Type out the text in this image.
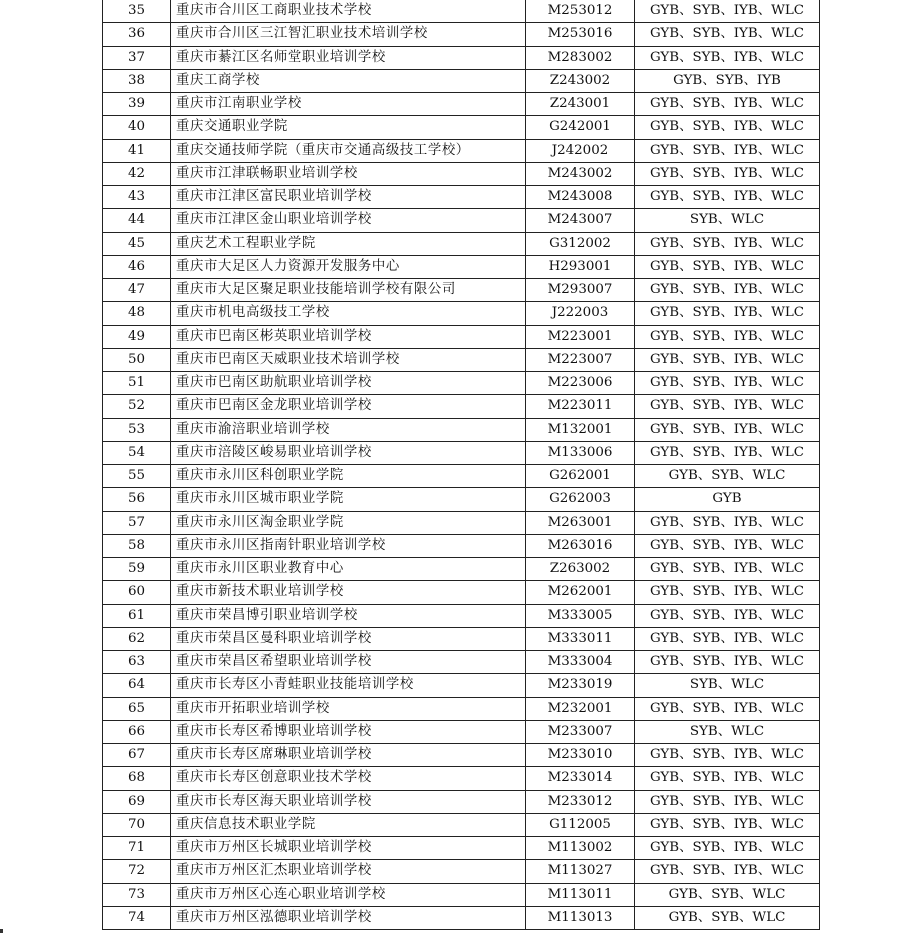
35	重庆市合川区工商职业技术学校	M253012	GYB、SYB、IYB、WLC
36	重庆市合川区三江智汇职业技术培训学校	M253016	GYB、SYB、IYB、WLC
37	重庆市綦江区名师堂职业培训学校	M283002	GYB、SYB、IYB、WLC
38	重庆工商学校	Z243002	GYB、SYB、IYB
39	重庆市江南职业学校	Z243001	GYB、SYB、IYB、WLC
40	重庆交通职业学院	G242001	GYB、SYB、IYB、WLC
41	重庆交通技师学院（重庆市交通高级技工学校）	J242002	GYB、SYB、IYB、WLC
42	重庆市江津联畅职业培训学校	M243002	GYB、SYB、IYB、WLC
43	重庆市江津区富民职业培训学校	M243008	GYB、SYB、IYB、WLC
44	重庆市江津区金山职业培训学校	M243007	SYB、WLC
45	重庆艺术工程职业学院	G312002	GYB、SYB、IYB、WLC
46	重庆市大足区人力资源开发服务中心	H293001	GYB、SYB、IYB、WLC
47	重庆市大足区聚足职业技能培训学校有限公司	M293007	GYB、SYB、IYB、WLC
48	重庆市机电高级技工学校	J222003	GYB、SYB、IYB、WLC
49	重庆市巴南区彬英职业培训学校	M223001	GYB、SYB、IYB、WLC
50	重庆市巴南区天威职业技术培训学校	M223007	GYB、SYB、IYB、WLC
51	重庆市巴南区助航职业培训学校	M223006	GYB、SYB、IYB、WLC
52	重庆市巴南区金龙职业培训学校	M223011	GYB、SYB、IYB、WLC
53	重庆市渝涪职业培训学校	M132001	GYB、SYB、IYB、WLC
54	重庆市涪陵区峻易职业培训学校	M133006	GYB、SYB、IYB、WLC
55	重庆市永川区科创职业学院	G262001	GYB、SYB、WLC
56	重庆市永川区城市职业学院	G262003	GYB
57	重庆市永川区淘金职业学院	M263001	GYB、SYB、IYB、WLC
58	重庆市永川区指南针职业培训学校	M263016	GYB、SYB、IYB、WLC
59	重庆市永川区职业教育中心	Z263002	GYB、SYB、IYB、WLC
60	重庆市新技术职业培训学校	M262001	GYB、SYB、IYB、WLC
61	重庆市荣昌博引职业培训学校	M333005	GYB、SYB、IYB、WLC
62	重庆市荣昌区曼科职业培训学校	M333011	GYB、SYB、IYB、WLC
63	重庆市荣昌区希望职业培训学校	M333004	GYB、SYB、IYB、WLC
64	重庆市长寿区小青蛙职业技能培训学校	M233019	SYB、WLC
65	重庆市开拓职业培训学校	M232001	GYB、SYB、IYB、WLC
66	重庆市长寿区希博职业培训学校	M233007	SYB、WLC
67	重庆市长寿区席琳职业培训学校	M233010	GYB、SYB、IYB、WLC
68	重庆市长寿区创意职业技术学校	M233014	GYB、SYB、IYB、WLC
69	重庆市长寿区海天职业培训学校	M233012	GYB、SYB、IYB、WLC
70	重庆信息技术职业学院	G112005	GYB、SYB、IYB、WLC
71	重庆市万州区长城职业培训学校	M113002	GYB、SYB、IYB、WLC
72	重庆市万州区汇杰职业培训学校	M113027	GYB、SYB、IYB、WLC
73	重庆市万州区心连心职业培训学校	M113011	GYB、SYB、WLC
74	重庆市万州区泓德职业培训学校	M113013	GYB、SYB、WLC
